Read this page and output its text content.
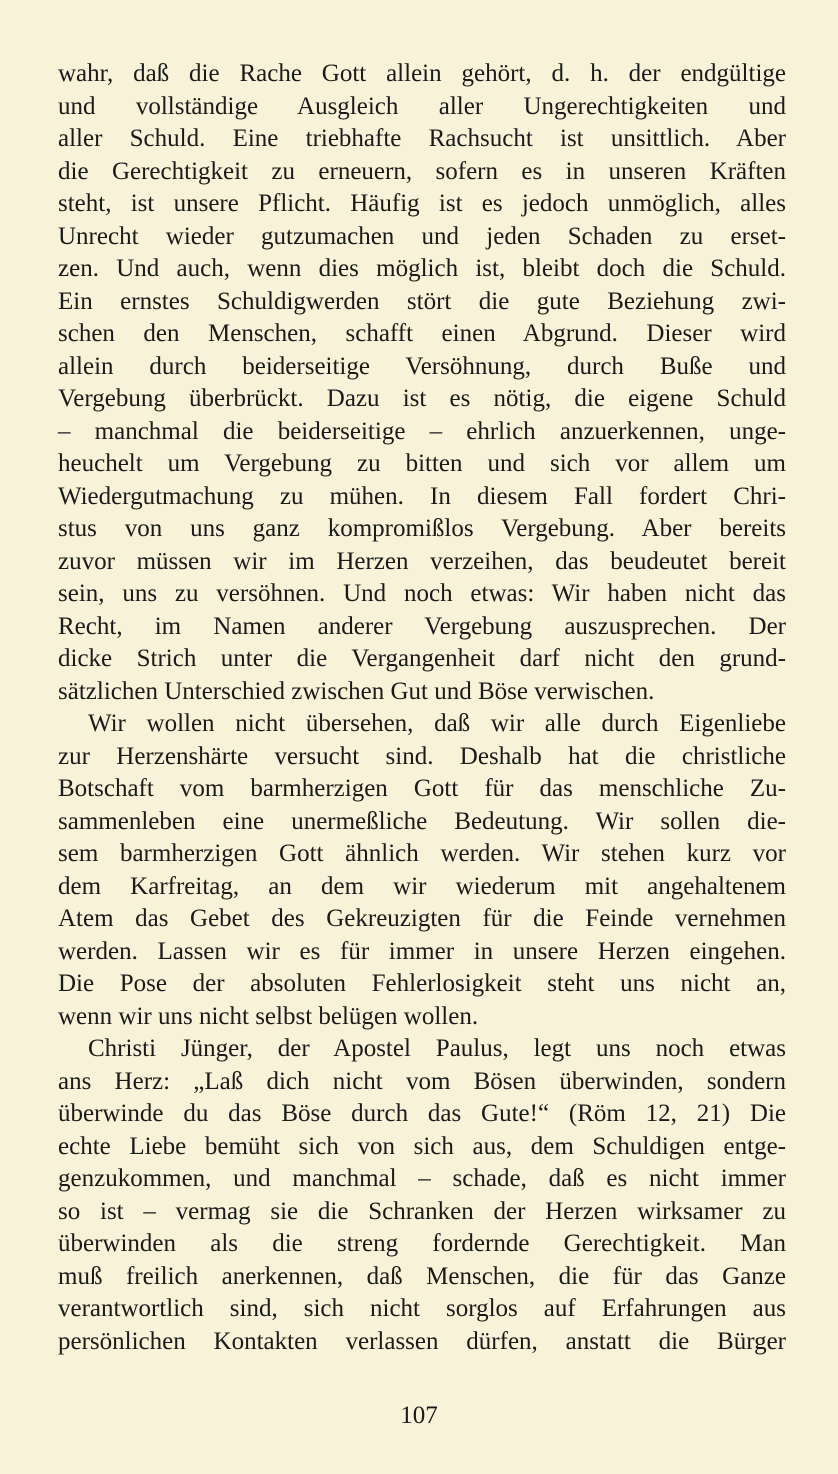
wahr, daß die Rache Gott allein gehört, d. h. der endgültige
und vollständige Ausgleich aller Ungerechtigkeiten und
aller Schuld. Eine triebhafte Rachsucht ist unsittlich. Aber
die Gerechtigkeit zu erneuern, sofern es in unseren Kräften
steht, ist unsere Pflicht. Häufig ist es jedoch unmöglich, alles
Unrecht wieder gutzumachen und jeden Schaden zu erset-
zen. Und auch, wenn dies möglich ist, bleibt doch die Schuld.
Ein ernstes Schuldigwerden stört die gute Beziehung zwi-
schen den Menschen, schafft einen Abgrund. Dieser wird
allein durch beiderseitige Versöhnung, durch Buße und
Vergebung überbrückt. Dazu ist es nötig, die eigene Schuld
– manchmal die beiderseitige – ehrlich anzuerkennen, unge-
heuchelt um Vergebung zu bitten und sich vor allem um
Wiedergutmachung zu mühen. In diesem Fall fordert Chri-
stus von uns ganz kompromißlos Vergebung. Aber bereits
zuvor müssen wir im Herzen verzeihen, das beudeutet bereit
sein, uns zu versöhnen. Und noch etwas: Wir haben nicht das
Recht, im Namen anderer Vergebung auszusprechen. Der
dicke Strich unter die Vergangenheit darf nicht den grund-
sätzlichen Unterschied zwischen Gut und Böse verwischen.
Wir wollen nicht übersehen, daß wir alle durch Eigenliebe
zur Herzenshärte versucht sind. Deshalb hat die christliche
Botschaft vom barmherzigen Gott für das menschliche Zu-
sammenleben eine unermeßliche Bedeutung. Wir sollen die-
sem barmherzigen Gott ähnlich werden. Wir stehen kurz vor
dem Karfreitag, an dem wir wiederum mit angehaltenem
Atem das Gebet des Gekreuzigten für die Feinde vernehmen
werden. Lassen wir es für immer in unsere Herzen eingehen.
Die Pose der absoluten Fehlerlosigkeit steht uns nicht an,
wenn wir uns nicht selbst belügen wollen.
Christi Jünger, der Apostel Paulus, legt uns noch etwas
ans Herz: „Laß dich nicht vom Bösen überwinden, sondern
überwinde du das Böse durch das Gute!“ (Röm 12, 21) Die
echte Liebe bemüht sich von sich aus, dem Schuldigen entge-
genzukommen, und manchmal – schade, daß es nicht immer
so ist – vermag sie die Schranken der Herzen wirksamer zu
überwinden als die streng fordernde Gerechtigkeit. Man
muß freilich anerkennen, daß Menschen, die für das Ganze
verantwortlich sind, sich nicht sorglos auf Erfahrungen aus
persönlichen Kontakten verlassen dürfen, anstatt die Bürger
107
